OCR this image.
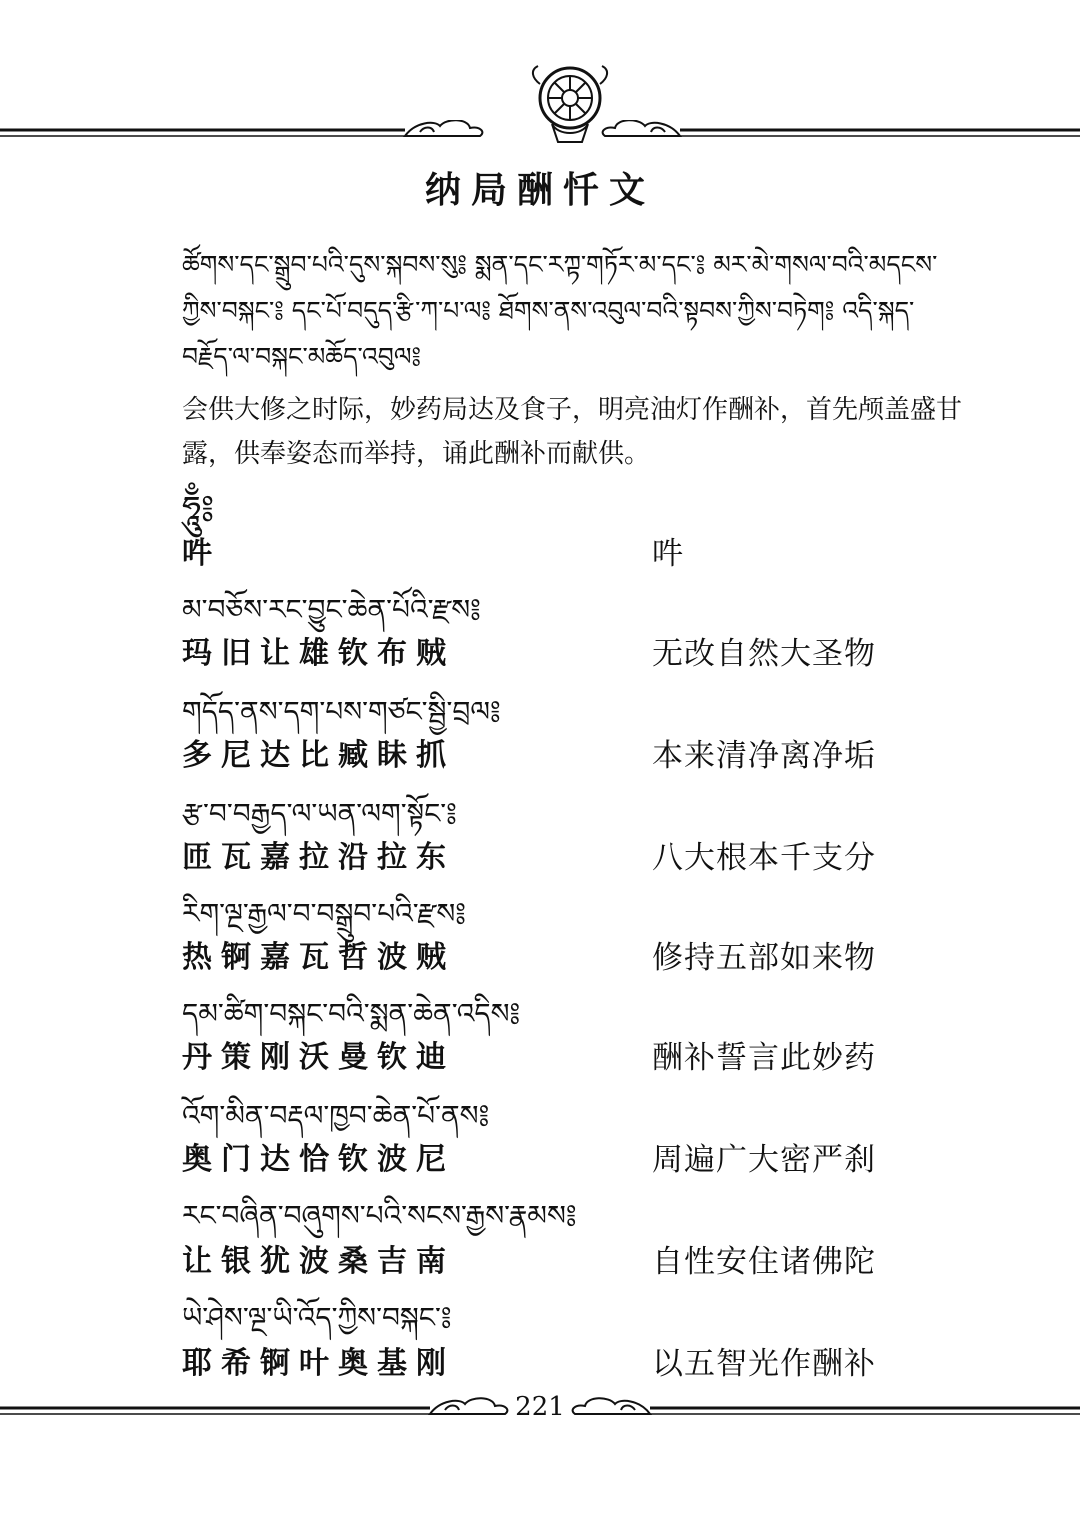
纳局酬忏文
ཚོགས་དང་སྒྲུབ་པའི་དུས་སྐབས་སུ༔ སྨན་དང་རཀྟ་གཏོར་མ་དང་༔ མར་མེ་གསལ་བའི་མདངས་ཀྱིས་བསྐང་༔ དང་པོ་བདུད་རྩི་ཀ་པ་ལ༔ ཐོགས་ནས་འབུལ་བའི་སྟབས་ཀྱིས་བཏེག༔ འདི་སྐད་བརྗོད་ལ་བསྐང་མཆོད་འབུལ༔
会供大修之时际，妙药局达及食子，明亮油灯作酬补，首先颅盖盛甘露，供奉姿态而举持，诵此酬补而献供。
ཧཱུྃ༔
吽	吽
མ་བཅོས་རང་བྱུང་ཆེན་པོའི་རྫས༔
玛旧让雄钦布贼	无改自然大圣物
གདོད་ནས་དག་པས་གཙང་སྦྱི་བྲལ༔
多尼达比臧眛抓	本来清净离净垢
རྩ་བ་བརྒྱད་ལ་ཡན་ལག་སྟོང་༔
匝瓦嘉拉沿拉东	八大根本千支分
རིག་ལྔ་རྒྱལ་བ་བསྒྲུབ་པའི་རྫས༔
热锕嘉瓦哲波贼	修持五部如来物
དམ་ཚིག་བསྐང་བའི་སྨན་ཆེན་འདིས༔
丹策刚沃曼钦迪	酬补誓言此妙药
འོག་མིན་བརྡལ་ཁྱབ་ཆེན་པོ་ནས༔
奥门达恰钦波尼	周遍广大密严刹
རང་བཞིན་བཞུགས་པའི་སངས་རྒྱས་རྣམས༔
让银犹波桑吉南	自性安住诸佛陀
ཡེ་ཤེས་ལྔ་ཡི་འོད་ཀྱིས་བསྐང་༔
耶希锕叶奥基刚	以五智光作酬补
221
